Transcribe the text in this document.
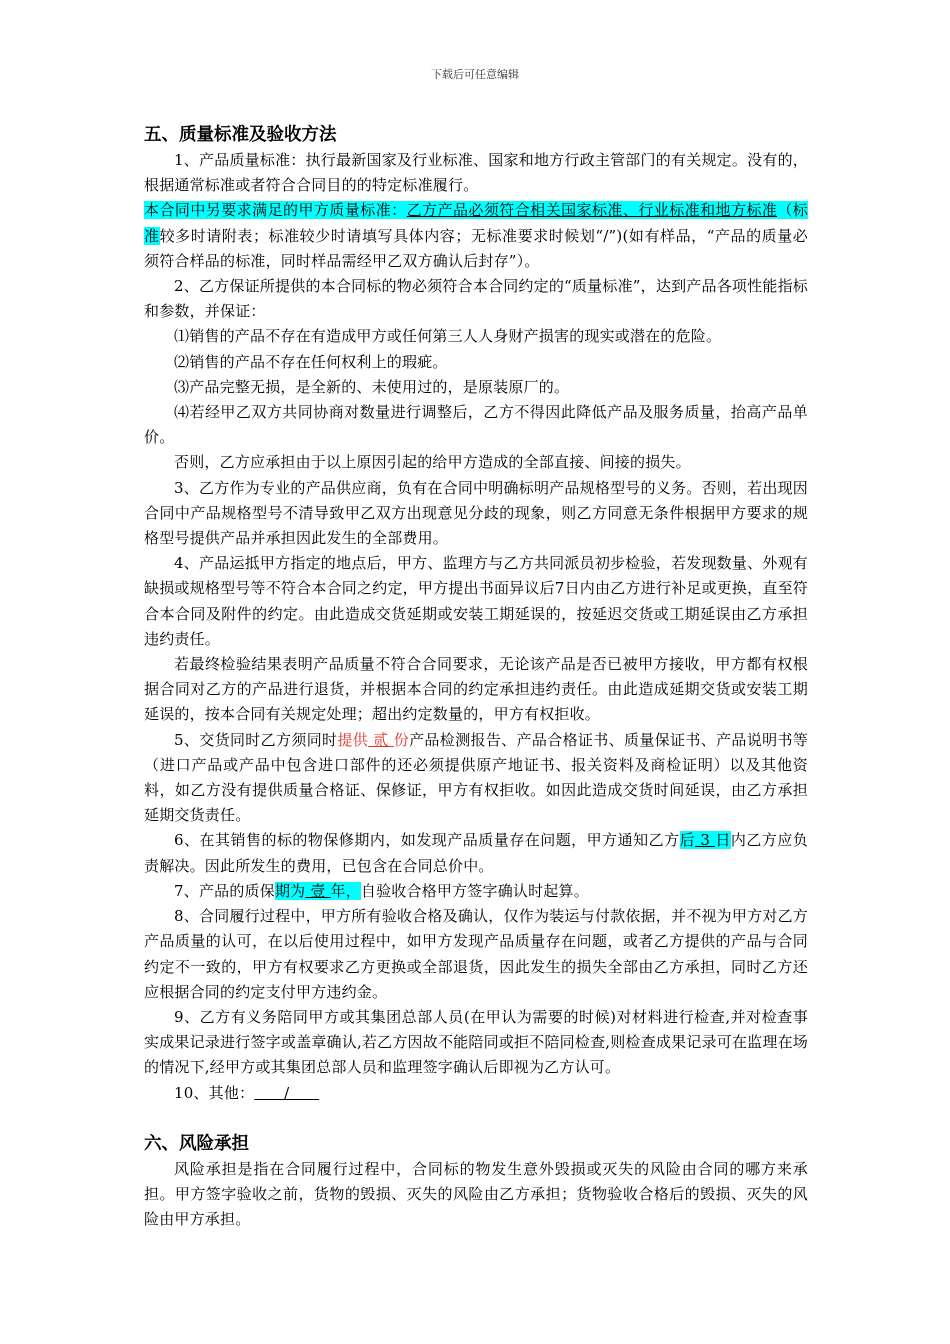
下载后可任意编辑
五、质量标准及验收方法

1、产品质量标准：执行最新国家及行业标准、国家和地方行政主管部门的有关规定。没有的，根据通常标准或者符合合同目的的特定标准履行。

本合同中另要求满足的甲方质量标准：乙方产品必须符合相关国家标准、行业标准和地方标准（标准较多时请附表；标准较少时请填写具体内容；无标准要求时候划“/”)(如有样品，“产品的质量必须符合样品的标准，同时样品需经甲乙双方确认后封存”）。

2、乙方保证所提供的本合同标的物必须符合本合同约定的“质量标准”，达到产品各项性能指标和参数，并保证：

⑴销售的产品不存在有造成甲方或任何第三人人身财产损害的现实或潜在的危险。

⑵销售的产品不存在任何权利上的瑕疵。

⑶产品完整无损，是全新的、未使用过的，是原装原厂的。

⑷若经甲乙双方共同协商对数量进行调整后，乙方不得因此降低产品及服务质量，抬高产品单价。

否则，乙方应承担由于以上原因引起的给甲方造成的全部直接、间接的损失。

3、乙方作为专业的产品供应商，负有在合同中明确标明产品规格型号的义务。否则，若出现因合同中产品规格型号不清导致甲乙双方出现意见分歧的现象，则乙方同意无条件根据甲方要求的规格型号提供产品并承担因此发生的全部费用。

4、产品运抵甲方指定的地点后，甲方、监理方与乙方共同派员初步检验，若发现数量、外观有缺损或规格型号等不符合本合同之约定，甲方提出书面异议后7日内由乙方进行补足或更换，直至符合本合同及附件的约定。由此造成交货延期或安装工期延误的，按延迟交货或工期延误由乙方承担违约责任。

若最终检验结果表明产品质量不符合合同要求，无论该产品是否已被甲方接收，甲方都有权根据合同对乙方的产品进行退货，并根据本合同的约定承担违约责任。由此造成延期交货或安装工期延误的，按本合同有关规定处理；超出约定数量的，甲方有权拒收。

5、交货同时乙方须同时提供 贰 份产品检测报告、产品合格证书、质量保证书、产品说明书等（进口产品或产品中包含进口部件的还必须提供原产地证书、报关资料及商检证明）以及其他资料，如乙方没有提供质量合格证、保修证，甲方有权拒收。如因此造成交货时间延误，由乙方承担延期交货责任。

6、在其销售的标的物保修期内，如发现产品质量存在问题，甲方通知乙方后 3 日内乙方应负责解决。因此所发生的费用，已包含在合同总价中。

7、产品的质保期为 壹 年，自验收合格甲方签字确认时起算。

8、合同履行过程中，甲方所有验收合格及确认，仅作为装运与付款依据，并不视为甲方对乙方产品质量的认可，在以后使用过程中，如甲方发现产品质量存在问题，或者乙方提供的产品与合同约定不一致的，甲方有权要求乙方更换或全部退货，因此发生的损失全部由乙方承担，同时乙方还应根据合同的约定支付甲方违约金。

9、乙方有义务陪同甲方或其集团总部人员(在甲认为需要的时候)对材料进行检查,并对检查事实成果记录进行签字或盖章确认,若乙方因故不能陪同或拒不陪同检查,则检查成果记录可在监理在场的情况下,经甲方或其集团总部人员和监理签字确认后即视为乙方认可。

10、其他：      /

六、风险承担

风险承担是指在合同履行过程中，合同标的物发生意外毁损或灭失的风险由合同的哪方来承担。甲方签字验收之前，货物的毁损、灭失的风险由乙方承担；货物验收合格后的毁损、灭失的风险由甲方承担。
